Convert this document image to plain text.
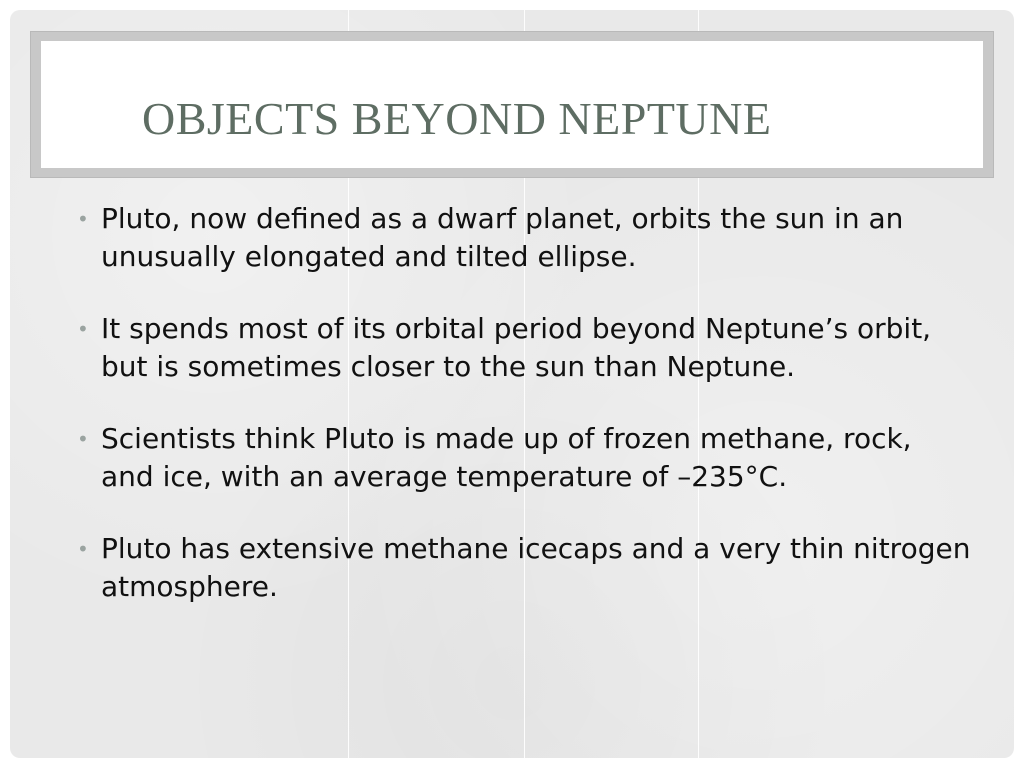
OBJECTS BEYOND NEPTUNE
• Pluto, now defined as a dwarf planet, orbits the sun in an unusually elongated and tilted ellipse.
• It spends most of its orbital period beyond Neptune’s orbit, but is sometimes closer to the sun than Neptune.
• Scientists think Pluto is made up of frozen methane, rock, and ice, with an average temperature of –235°C.
• Pluto has extensive methane icecaps and a very thin nitrogen atmosphere.
